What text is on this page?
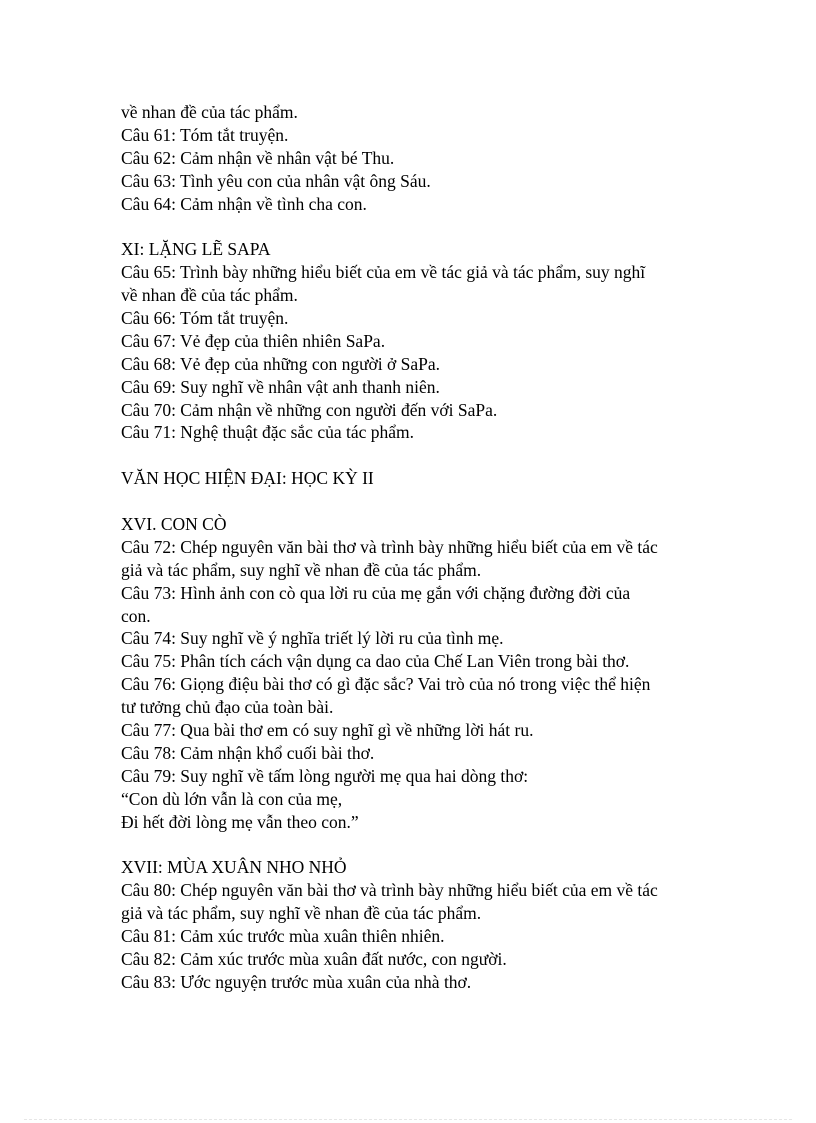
về nhan đề của tác phẩm.
Câu 61: Tóm tắt truyện.
Câu 62: Cảm nhận về nhân vật bé Thu.
Câu 63: Tình yêu con của nhân vật ông Sáu.
Câu 64: Cảm nhận về tình cha con.
XI: LẶNG LẼ SAPA
Câu 65: Trình bày những hiểu biết của em về tác giả và tác phẩm, suy nghĩ
về nhan đề của tác phẩm.
Câu 66: Tóm tắt truyện.
Câu 67: Vẻ đẹp của thiên nhiên SaPa.
Câu 68: Vẻ đẹp của những con người ở SaPa.
Câu 69: Suy nghĩ về nhân vật anh thanh niên.
Câu 70: Cảm nhận về những con người đến với SaPa.
Câu 71: Nghệ thuật đặc sắc của tác phẩm.
VĂN HỌC HIỆN ĐẠI: HỌC KỲ II
XVI. CON CÒ
Câu 72: Chép nguyên văn bài thơ và trình bày những hiểu biết của em về tác
giả và tác phẩm, suy nghĩ về nhan đề của tác phẩm.
Câu 73: Hình ảnh con cò qua lời ru của mẹ gắn với chặng đường đời của
con.
Câu 74: Suy nghĩ về ý nghĩa triết lý lời ru của tình mẹ.
Câu 75: Phân tích cách vận dụng ca dao của Chế Lan Viên trong bài thơ.
Câu 76: Giọng điệu bài thơ có gì đặc sắc? Vai trò của nó trong việc thể hiện
tư tưởng chủ đạo của toàn bài.
Câu 77: Qua bài thơ em có suy nghĩ gì về những lời hát ru.
Câu 78: Cảm nhận khổ cuối bài thơ.
Câu 79: Suy nghĩ về tấm lòng người mẹ qua hai dòng thơ:
“Con dù lớn vẫn là con của mẹ,
Đi hết đời lòng mẹ vẫn theo con.”
XVII: MÙA XUÂN NHO NHỎ
Câu 80: Chép nguyên văn bài thơ và trình bày những hiểu biết của em về tác
giả và tác phẩm, suy nghĩ về nhan đề của tác phẩm.
Câu 81: Cảm xúc trước mùa xuân thiên nhiên.
Câu 82: Cảm xúc trước mùa xuân đất nước, con người.
Câu 83: Ước nguyện trước mùa xuân của nhà thơ.
